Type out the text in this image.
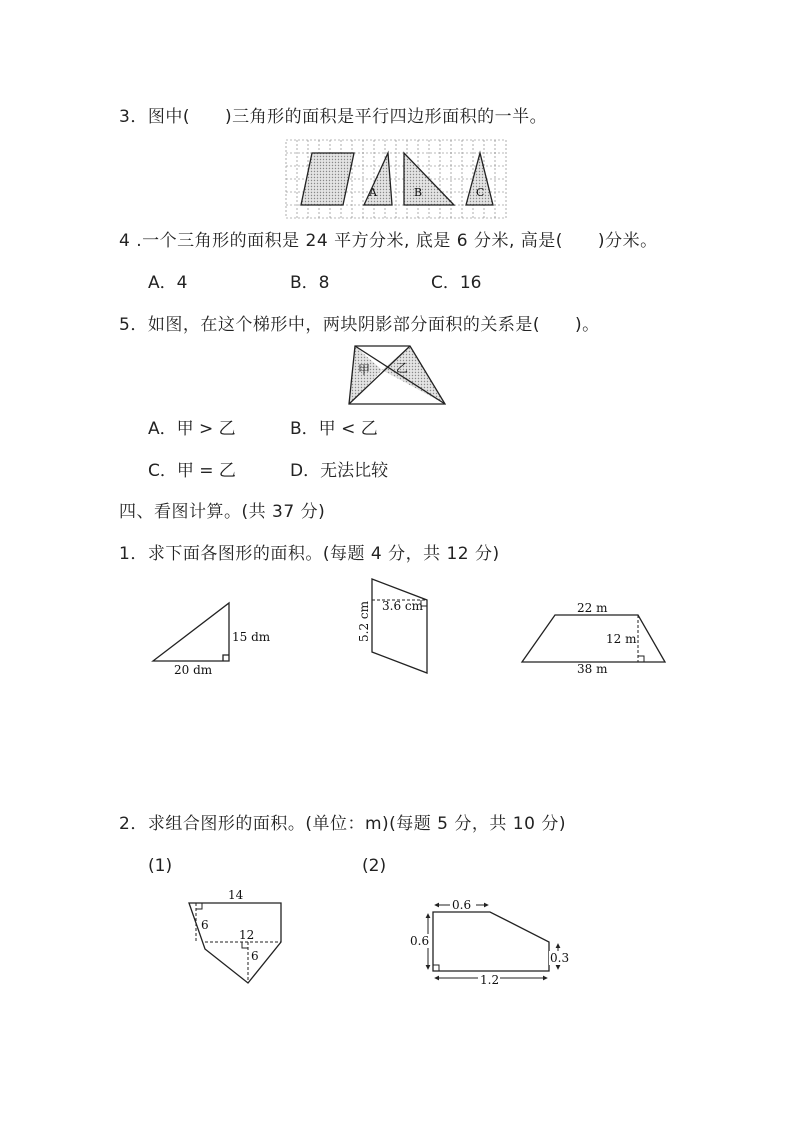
3．图中(　　)三角形的面积是平行四边形面积的一半。
A	B	C
4 .一个三角形的面积是 24 平方分米, 底是 6 分米, 高是(　　)分米。
A．4	B．8	C．16
5．如图，在这个梯形中，两块阴影部分面积的关系是(　　)。
甲 乙
A．甲 > 乙	B．甲 < 乙
C．甲 = 乙	D．无法比较
四、看图计算。(共 37 分)
1．求下面各图形的面积。(每题 4 分，共 12 分)
15 dm
20 dm
3.6 cm
5.2 cm	22 m
12 m
38 m
2．求组合图形的面积。(单位：m)(每题 5 分，共 10 分)
(1)	(2)
14
6
12
6
0.6
0.6
0.3
1.2
